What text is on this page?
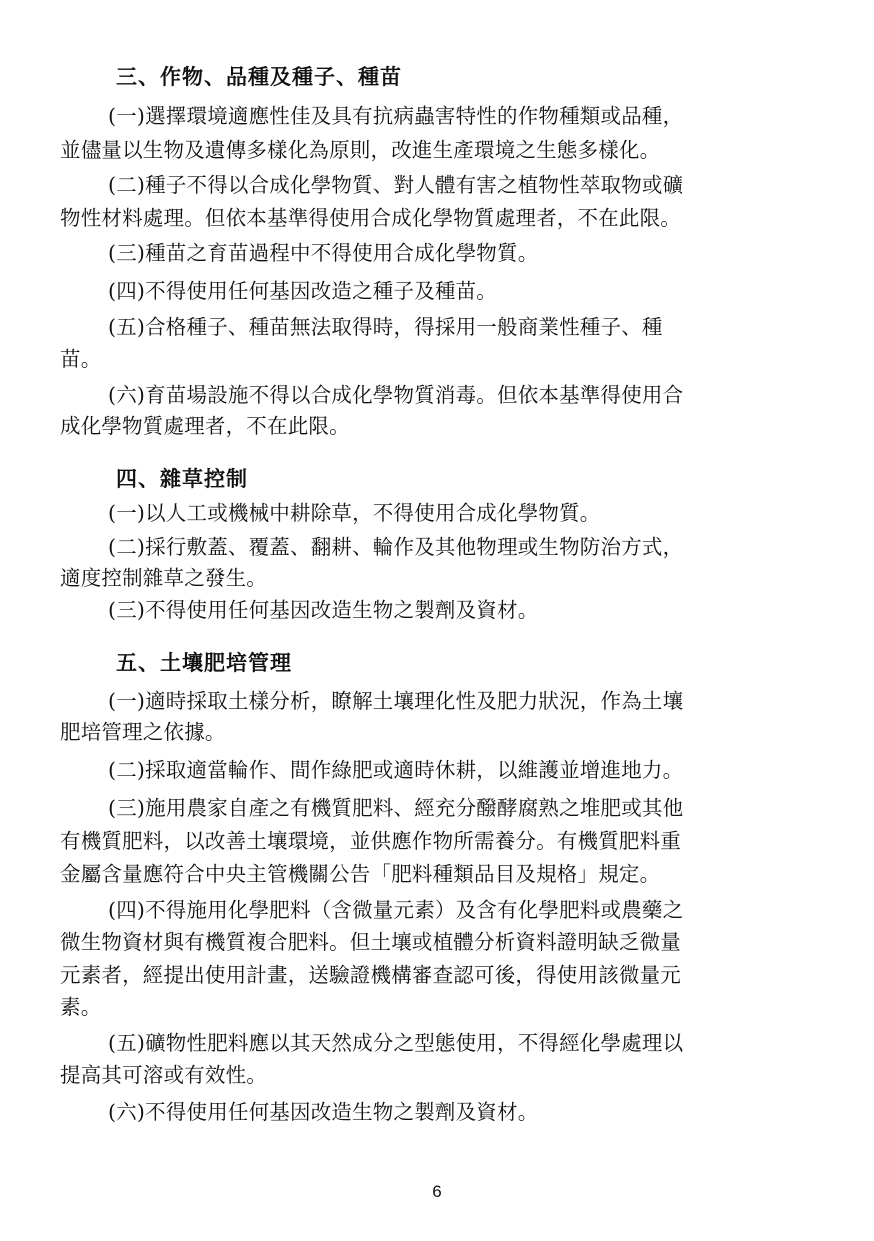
三、作物、品種及種子、種苗
(一)選擇環境適應性佳及具有抗病蟲害特性的作物種類或品種，
並儘量以生物及遺傳多樣化為原則，改進生產環境之生態多樣化。
(二)種子不得以合成化學物質、對人體有害之植物性萃取物或礦
物性材料處理。但依本基準得使用合成化學物質處理者，不在此限。
(三)種苗之育苗過程中不得使用合成化學物質。
(四)不得使用任何基因改造之種子及種苗。
(五)合格種子、種苗無法取得時，得採用一般商業性種子、種
苗。
(六)育苗場設施不得以合成化學物質消毒。但依本基準得使用合
成化學物質處理者，不在此限。
四、雜草控制
(一)以人工或機械中耕除草，不得使用合成化學物質。
(二)採行敷蓋、覆蓋、翻耕、輪作及其他物理或生物防治方式，
適度控制雜草之發生。
(三)不得使用任何基因改造生物之製劑及資材。
五、土壤肥培管理
(一)適時採取土樣分析，瞭解土壤理化性及肥力狀況，作為土壤
肥培管理之依據。
(二)採取適當輪作、間作綠肥或適時休耕，以維護並增進地力。
(三)施用農家自產之有機質肥料、經充分醱酵腐熟之堆肥或其他
有機質肥料，以改善土壤環境，並供應作物所需養分。有機質肥料重
金屬含量應符合中央主管機關公告「肥料種類品目及規格」規定。
(四)不得施用化學肥料（含微量元素）及含有化學肥料或農藥之
微生物資材與有機質複合肥料。但土壤或植體分析資料證明缺乏微量
元素者，經提出使用計畫，送驗證機構審查認可後，得使用該微量元
素。
(五)礦物性肥料應以其天然成分之型態使用，不得經化學處理以
提高其可溶或有效性。
(六)不得使用任何基因改造生物之製劑及資材。
6
